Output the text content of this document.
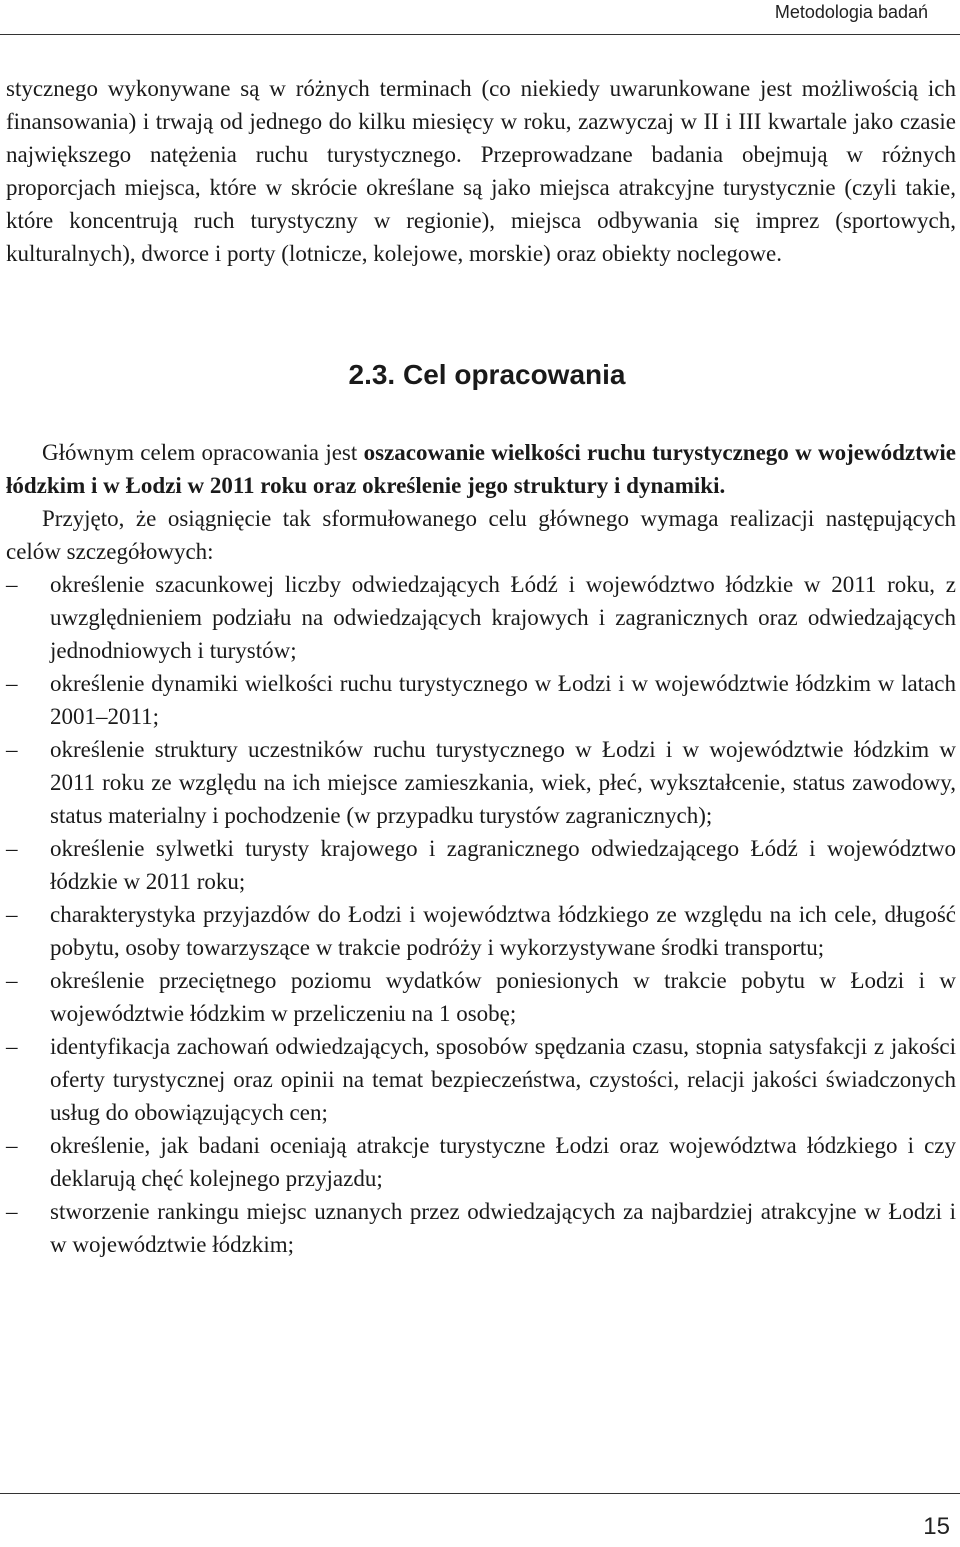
Metodologia badań

stycznego wykonywane są w różnych terminach (co niekiedy uwarunkowane jest możliwością ich finansowania) i trwają od jednego do kilku miesięcy w roku, zazwyczaj w II i III kwartale jako czasie największego natężenia ruchu turystycznego. Przeprowadzane badania obejmują w różnych proporcjach miejsca, które w skrócie określane są jako miejsca atrakcyjne turystycznie (czyli takie, które koncentrują ruch turystyczny w regionie), miejsca odbywania się imprez (sportowych, kulturalnych), dworce i porty (lotnicze, kolejowe, morskie) oraz obiekty noclegowe.

2.3. Cel opracowania

Głównym celem opracowania jest oszacowanie wielkości ruchu turystycznego w województwie łódzkim i w Łodzi w 2011 roku oraz określenie jego struktury i dynamiki.

Przyjęto, że osiągnięcie tak sformułowanego celu głównego wymaga realizacji następujących celów szczegółowych:

– określenie szacunkowej liczby odwiedzających Łódź i województwo łódzkie w 2011 roku, z uwzględnieniem podziału na odwiedzających krajowych i zagranicznych oraz odwiedzających jednodniowych i turystów;
– określenie dynamiki wielkości ruchu turystycznego w Łodzi i w województwie łódzkim w latach 2001–2011;
– określenie struktury uczestników ruchu turystycznego w Łodzi i w województwie łódzkim w 2011 roku ze względu na ich miejsce zamieszkania, wiek, płeć, wykształcenie, status zawodowy, status materialny i pochodzenie (w przypadku turystów zagranicznych);
– określenie sylwetki turysty krajowego i zagranicznego odwiedzającego Łódź i województwo łódzkie w 2011 roku;
– charakterystyka przyjazdów do Łodzi i województwa łódzkiego ze względu na ich cele, długość pobytu, osoby towarzyszące w trakcie podróży i wykorzystywane środki transportu;
– określenie przeciętnego poziomu wydatków poniesionych w trakcie pobytu w Łodzi i w województwie łódzkim w przeliczeniu na 1 osobę;
– identyfikacja zachowań odwiedzających, sposobów spędzania czasu, stopnia satysfakcji z jakości oferty turystycznej oraz opinii na temat bezpieczeństwa, czystości, relacji jakości świadczonych usług do obowiązujących cen;
– określenie, jak badani oceniają atrakcje turystyczne Łodzi oraz województwa łódzkiego i czy deklarują chęć kolejnego przyjazdu;
– stworzenie rankingu miejsc uznanych przez odwiedzających za najbardziej atrakcyjne w Łodzi i w województwie łódzkim;
15
